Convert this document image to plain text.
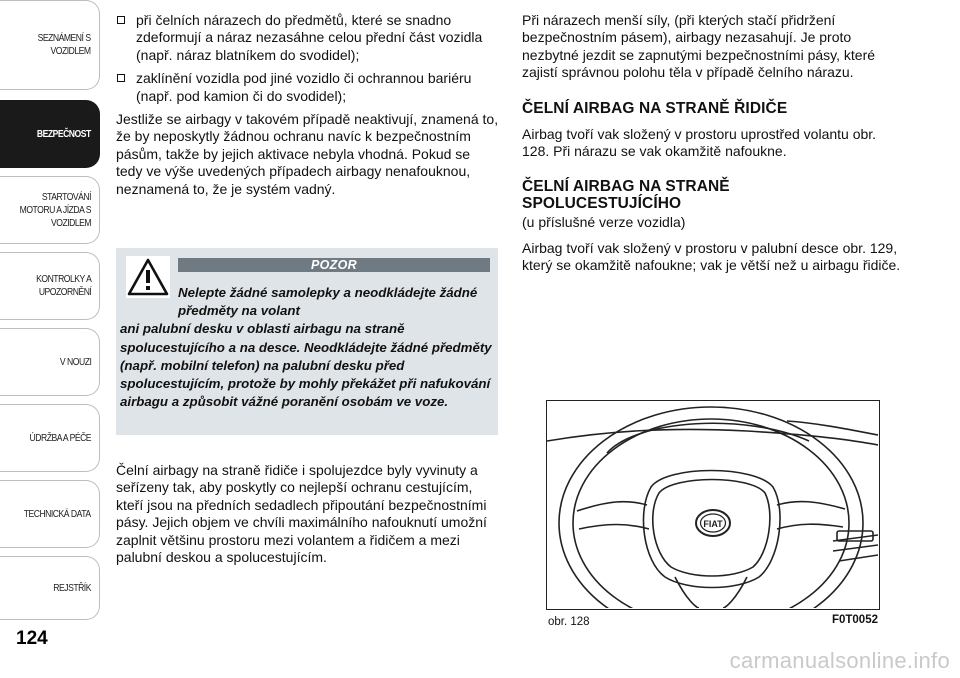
SEZNÁMENÍ S
VOZIDLEM
BEZPEČNOST
STARTOVÁNÍ
MOTORU A JÍZDA S
VOZIDLEM
KONTROLKY A
UPOZORNĚNÍ
V NOUZI
ÚDRŽBA A PÉČE
TECHNICKÁ DATA
REJSTŘÍK
124
při čelních nárazech do předmětů, které se snadno zdeformují a náraz nezasáhne celou přední část vozidla (např. náraz blatníkem do svodidel);
zaklínění vozidla pod jiné vozidlo či ochrannou bariéru (např. pod kamion či do svodidel);

Jestliže se airbagy v takovém případě neaktivují, znamená to, že by neposkytly žádnou ochranu navíc k bezpečnostním pásům, takže by jejich aktivace nebyla vhodná. Pokud se tedy ve výše uvedených případech airbagy nenafouknou, neznamená to, že je systém vadný.

POZOR
Nelepte žádné samolepky a neodkládejte žádné předměty na volant
ani palubní desku v oblasti airbagu na straně spolucestujícího a na desce. Neodkládejte žádné předměty (např. mobilní telefon) na palubní desku před spolucestujícím, protože by mohly překážet při nafukování airbagu a způsobit vážné poranění osobám ve voze.

Čelní airbagy na straně řidiče i spolujezdce byly vyvinuty a seřízeny tak, aby poskytly co nejlepší ochranu cestujícím, kteří jsou na předních sedadlech připoutání bezpečnostními pásy. Jejich objem ve chvíli maximálního nafouknutí umožní zaplnit většinu prostoru mezi volantem a řidičem a mezi palubní deskou a spolucestujícím.

Při nárazech menší síly, (při kterých stačí přidržení bezpečnostním pásem), airbagy nezasahují. Je proto nezbytné jezdit se zapnutými bezpečnostními pásy, které zajistí správnou polohu těla v případě čelního nárazu.

ČELNÍ AIRBAG NA STRANĚ ŘIDIČE

Airbag tvoří vak složený v prostoru uprostřed volantu obr. 128. Při nárazu se vak okamžitě nafoukne.

ČELNÍ AIRBAG NA STRANĚ
SPOLUCESTUJÍCÍHO

(u příslušné verze vozidla)

Airbag tvoří vak složený v prostoru v palubní desce obr. 129, který se okamžitě nafoukne; vak je větší než u airbagu řidiče.

FIAT
obr. 128	F0T0052
carmanualsonline.info
